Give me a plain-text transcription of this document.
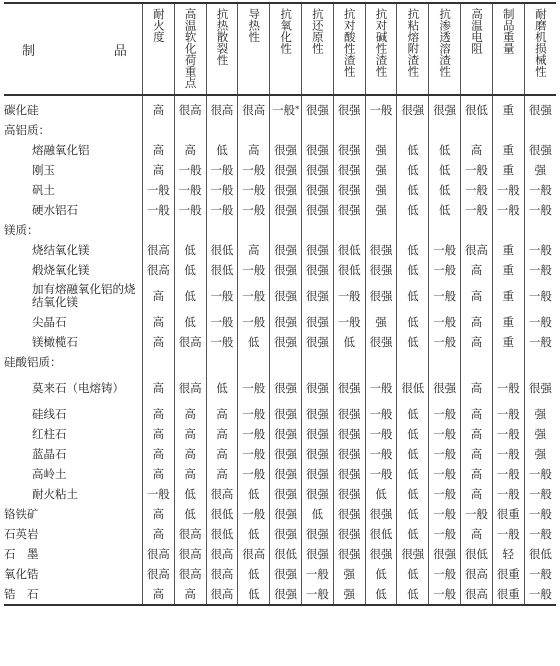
制 品	耐火度	高温软化荷重点	抗热散裂性	导热性	抗氧化性	抗还原性	抗对酸性渣性	抗对碱性渣性	抗粘熔附渣性	抗渗透溶渣性	高温电阻	制品重量	耐磨机损械性

碳化硅	高	很高	很高	很高	一般*	很强	很强	一般	很强	很强	很低	重	很强
高铝质：													
熔融氧化铝	高	高	低	高	很强	很强	很强	强	低	低	高	重	很强
刚玉	高	一般	一般	一般	很强	很强	很强	强	低	低	一般	重	强
矾土	一般	一般	一般	一般	很强	很强	很强	强	低	低	一般	一般	一般
硬水铝石	一般	一般	一般	一般	很强	很强	很强	强	低	低	一般	一般	一般
镁质：													
烧结氧化镁	很高	低	很低	高	很强	很强	很低	很强	低	一般	很高	重	一般
煅烧氧化镁	很高	低	很低	一般	很强	很强	很低	很强	低	一般	高	重	一般
加有熔融氧化铝的烧结氧化镁	高	低	一般	一般	很强	很强	一般	很强	低	一般	高	重	一般
尖晶石	高	低	一般	一般	很强	很强	一般	强	低	一般	高	重	一般
镁橄榄石	高	很高	一般	低	很强	很强	低	很强	低	一般	高	重	一般
硅酸铝质：													
莫来石（电熔铸）	高	很高	低	一般	很强	很强	很强	一般	很低	很强	高	一般	很强
硅线石	高	高	高	一般	很强	很强	很强	一般	低	一般	高	一般	强
红柱石	高	高	高	一般	很强	很强	很强	一般	低	一般	高	一般	强
蓝晶石	高	高	高	一般	很强	很强	很强	一般	低	一般	高	一般	强
高岭土	高	高	高	一般	很强	很强	很强	一般	低	一般	高	一般	一般
耐火粘土	一般	低	很高	低	很强	很强	很强	低	低	一般	高	一般	一般
铬铁矿	高	低	很低	一般	很强	低	很强	很强	低	一般	一般	很重	一般
石英岩	高	很高	很低	低	很强	很强	很强	很低	低	一般	高	一般	一般
石　墨	很高	很高	很高	很高	很低	很强	很强	很强	很强	很强	很低	轻	很低
氧化锆	很高	很高	很高	低	很强	一般	强	低	低	一般	很高	很重	一般
锆　石	高	高	很高	低	很强	一般	强	低	低	一般	很高	很重	一般
